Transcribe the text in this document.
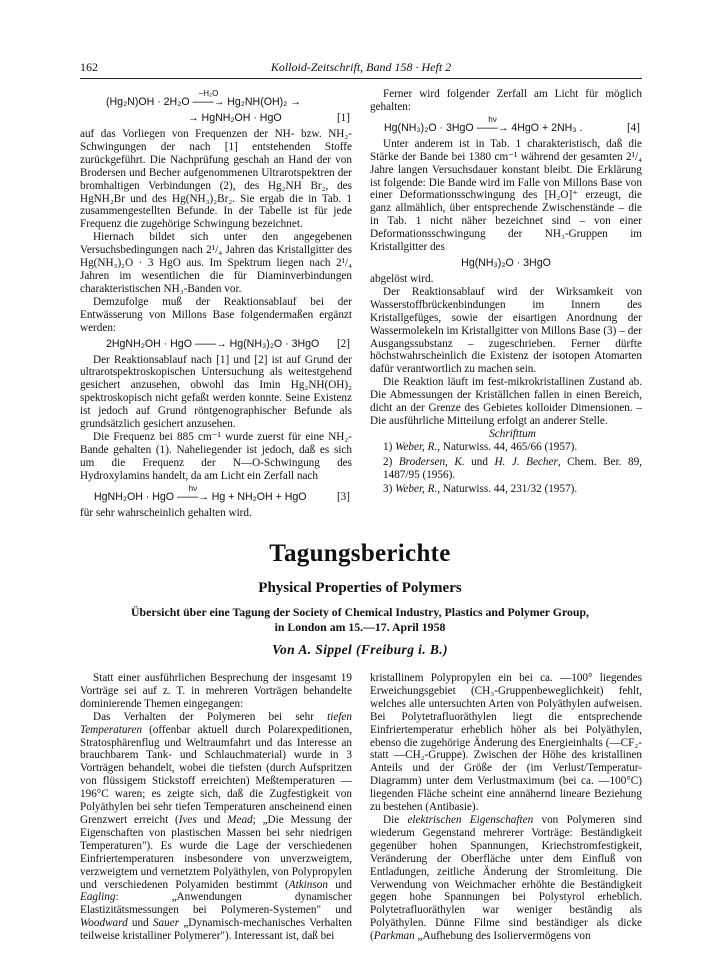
162	Kolloid-Zeitschrift, Band 158 · Heft 2
(Hg₂N)OH · 2H₂O
−H₂O
——→ Hg₂NH(OH)₂ →
→ HgNH₂OH · HgO	[1]

auf das Vorliegen von Frequenzen der NH- bzw. NH₂-Schwingungen der nach [1] entstehenden Stoffe zurückgeführt. Die Nachprüfung geschah an Hand der von Brodersen und Becher aufgenommenen Ultrarotspektren der bromhaltigen Verbindungen (2), des Hg₂NH Br₂, des HgNH₂Br und des Hg(NH₃)₂Br₂. Sie ergab die in Tab. 1 zusammengestellten Befunde. In der Tabelle ist für jede Frequenz die zugehörige Schwingung bezeichnet.

Hiernach bildet sich unter den angegebenen Versuchsbedingungen nach 2¹/₄ Jahren das Kristallgitter des Hg(NH₃)₂O · 3 HgO aus. Im Spektrum liegen nach 2¹/₄ Jahren im wesentlichen die für Diaminverbindungen charakteristischen NH₃-Banden vor.

Demzufolge muß der Reaktionsablauf bei der Entwässerung von Millons Base folgendermaßen ergänzt werden:

2HgNH₂OH · HgO ——→ Hg(NH₃)₂O · 3HgO [2]

Der Reaktionsablauf nach [1] und [2] ist auf Grund der ultrarotspektroskopischen Untersuchung als weitestgehend gesichert anzusehen, obwohl das Imin Hg₂NH(OH)₂ spektroskopisch nicht gefaßt werden konnte. Seine Existenz ist jedoch auf Grund röntgenographischer Befunde als grundsätzlich gesichert anzusehen.

Die Frequenz bei 885 cm⁻¹ wurde zuerst für eine NH₂-Bande gehalten (1). Naheliegender ist jedoch, daß es sich um die Frequenz der N—O-Schwingung des Hydroxylamins handelt, da am Licht ein Zerfall nach

HgNH₂OH · HgO
hν
——→ Hg + NH₂OH + HgO	[3]

für sehr wahrscheinlich gehalten wird.

Ferner wird folgender Zerfall am Licht für möglich gehalten:

Hg(NH₃)₂O · 3HgO
hν
——→ 4HgO + 2NH₃ .	[4]

Unter anderem ist in Tab. 1 charakteristisch, daß die Stärke der Bande bei 1380 cm⁻¹ während der gesamten 2¹/₄ Jahre langen Versuchsdauer konstant bleibt. Die Erklärung ist folgende: Die Bande wird im Falle von Millons Base von einer Deformationsschwingung des [H₂O]⁺ erzeugt, die ganz allmählich, über entsprechende Zwischenstände – die in Tab. 1 nicht näher bezeichnet sind – von einer Deformationsschwingung der NH₃-Gruppen im Kristallgitter des

Hg(NH₃)₂O · 3HgO

abgelöst wird.

Der Reaktionsablauf wird der Wirksamkeit von Wasserstoffbrückenbindungen im Innern des Kristallgefüges, sowie der eisartigen Anordnung der Wassermolekeln im Kristallgitter von Millons Base (3) – der Ausgangssubstanz – zugeschrieben. Ferner dürfte höchstwahrscheinlich die Existenz der isotopen Atomarten dafür verantwortlich zu machen sein.

Die Reaktion läuft im fest-mikrokristallinen Zustand ab. Die Abmessungen der Kriställchen fallen in einen Bereich, dicht an der Grenze des Gebietes kolloider Dimensionen. – Die ausführliche Mitteilung erfolgt an anderer Stelle.

Schrifttum

1) Weber, R., Naturwiss. 44, 465/66 (1957).

2) Brodersen, K. und H. J. Becher, Chem. Ber. 89, 1487/95 (1956).

3) Weber, R., Naturwiss. 44, 231/32 (1957).

Tagungsberichte
Physical Properties of Polymers
Übersicht über eine Tagung der Society of Chemical Industry, Plastics and Polymer Group,
in London am 15.—17. April 1958
Von A. Sippel (Freiburg i. B.)

Statt einer ausführlichen Besprechung der insgesamt 19 Vorträge sei auf z. T. in mehreren Vorträgen behandelte dominierende Themen eingegangen:

Das Verhalten der Polymeren bei sehr tiefen Temperaturen (offenbar aktuell durch Polarexpeditionen, Stratosphärenflug und Weltraumfahrt und das Interesse an brauchbarem Tank- und Schlauchmaterial) wurde in 3 Vorträgen behandelt, wobei die tiefsten (durch Aufspritzen von flüssigem Stickstoff erreichten) Meßtemperaturen —196°C waren; es zeigte sich, daß die Zugfestigkeit von Polyäthylen bei sehr tiefen Temperaturen anscheinend einen Grenzwert erreicht (Ives und Mead; „Die Messung der Eigenschaften von plastischen Massen bei sehr niedrigen Temperaturen"). Es wurde die Lage der verschiedenen Einfriertemperaturen insbesondere von unverzweigtem, verzweigtem und vernetztem Polyäthylen, von Polypropylen und verschiedenen Polyamiden bestimmt (Atkinson und Eagling: „Anwendungen dynamischer Elastizitätsmessungen bei Polymeren-Systemen" und Woodward und Sauer „Dynamisch-mechanisches Verhalten teilweise kristalliner Polymerer"). Interessant ist, daß bei

kristallinem Polypropylen ein bei ca. —100° liegendes Erweichungsgebiet (CH₃-Gruppenbeweglichkeit) fehlt, welches alle untersuchten Arten von Polyäthylen aufweisen. Bei Polytetrafluoräthylen liegt die entsprechende Einfriertemperatur erheblich höher als bei Polyäthylen, ebenso die zugehörige Änderung des Energieinhalts (—CF₂- statt —CH₂-Gruppe). Zwischen der Höhe des kristallinen Anteils und der Größe der (im Verlust/Temperatur-Diagramm) unter dem Verlustmaximum (bei ca. —100°C) liegenden Fläche scheint eine annähernd lineare Beziehung zu bestehen (Antibasie).

Die elektrischen Eigenschaften von Polymeren sind wiederum Gegenstand mehrerer Vorträge: Beständigkeit gegenüber hohen Spannungen, Kriechstromfestigkeit, Veränderung der Oberfläche unter dem Einfluß von Entladungen, zeitliche Änderung der Stromleitung. Die Verwendung von Weichmacher erhöhte die Beständigkeit gegen hohe Spannungen bei Polystyrol erheblich. Polytetrafluoräthylen war weniger beständig als Polyäthylen. Dünne Filme sind beständiger als dicke (Parkman „Aufhebung des Isoliervermögens von
